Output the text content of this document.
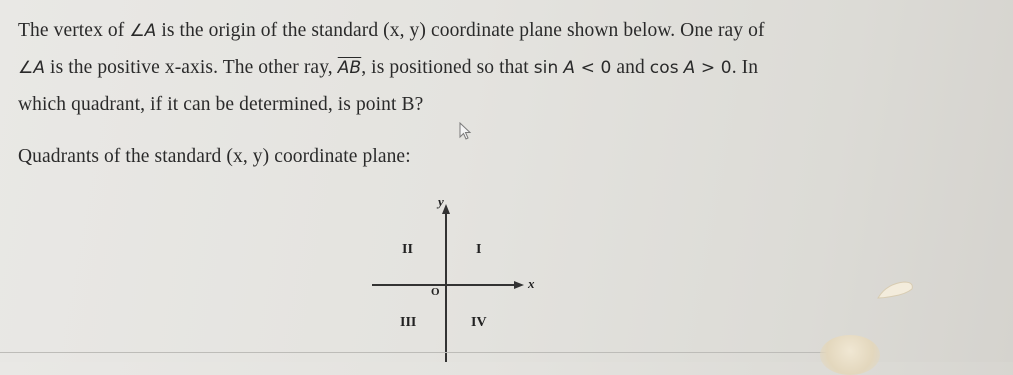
The vertex of ∠A is the origin of the standard (x, y) coordinate plane shown below. One ray of
∠A is the positive x-axis. The other ray, $\overline{AB}$, is positioned so that sin A < 0 and cos A > 0. In
which quadrant, if it can be determined, is point B?
Quadrants of the standard (x, y) coordinate plane:
y
x
O
I
II
III	IV
